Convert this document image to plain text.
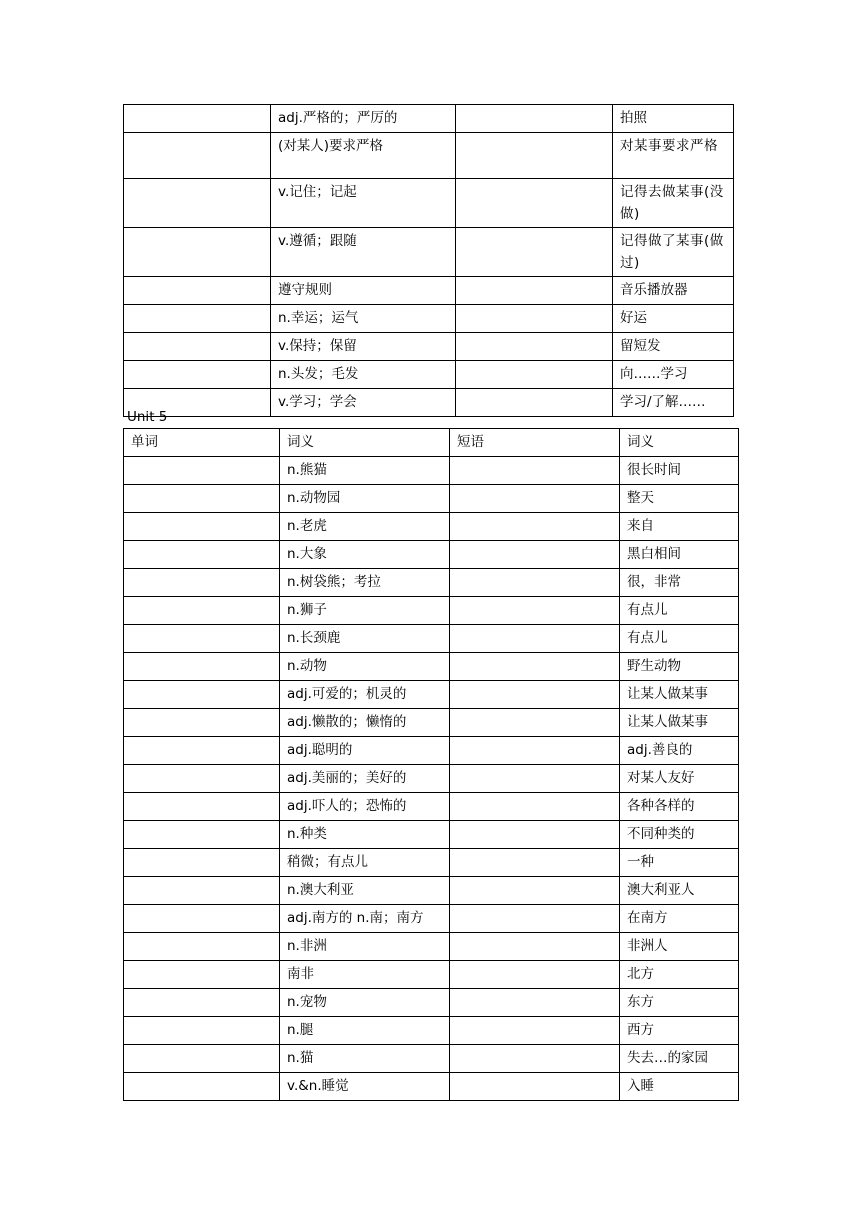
	adj.严格的；严厉的		拍照
	(对某人)要求严格		对某事要求严格
	v.记住；记起		记得去做某事(没做)
	v.遵循；跟随		记得做了某事(做过)
	遵守规则		音乐播放器
	n.幸运；运气		好运
	v.保持；保留		留短发
	n.头发；毛发		向……学习
	v.学习；学会		学习/了解……
Unit 5
单词	词义	短语	词义
	n.熊猫		很长时间
	n.动物园		整天
	n.老虎		来自
	n.大象		黑白相间
	n.树袋熊；考拉		很，非常
	n.狮子		有点儿
	n.长颈鹿		有点儿
	n.动物		野生动物
	adj.可爱的；机灵的		让某人做某事
	adj.懒散的；懒惰的		让某人做某事
	adj.聪明的		adj.善良的
	adj.美丽的；美好的		对某人友好
	adj.吓人的；恐怖的		各种各样的
	n.种类		不同种类的
	稍微；有点儿		一种
	n.澳大利亚		澳大利亚人
	adj.南方的 n.南；南方		在南方
	n.非洲		非洲人
	南非		北方
	n.宠物		东方
	n.腿		西方
	n.猫		失去…的家园
	v.&n.睡觉		入睡
